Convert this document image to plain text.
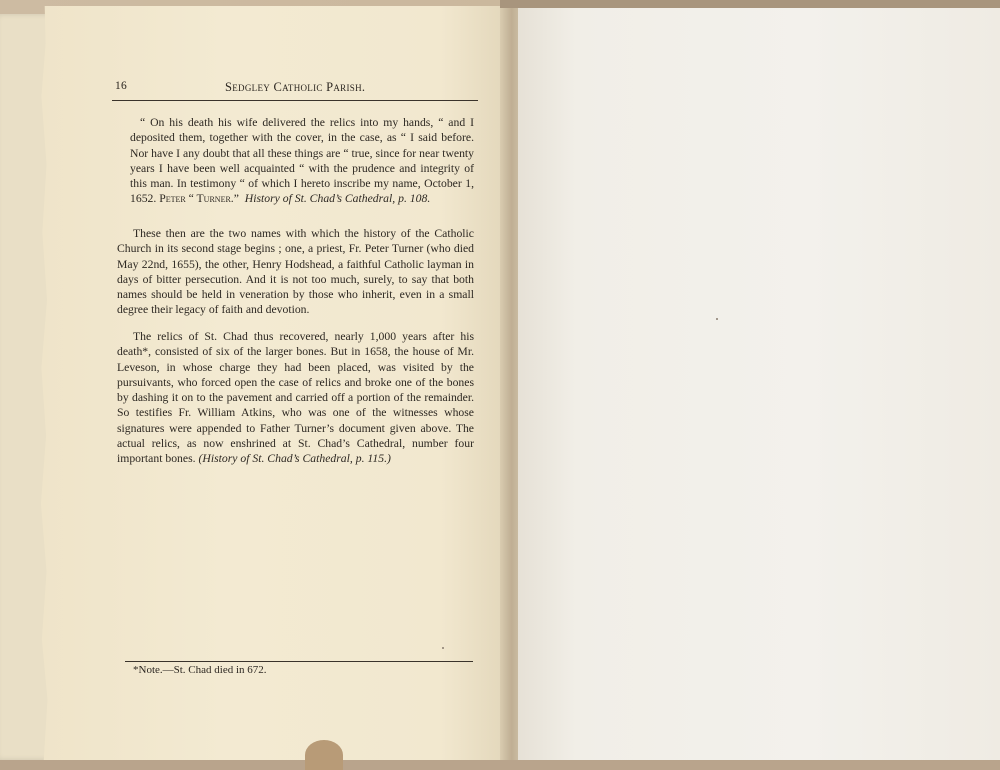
16	Sedgley Catholic Parish.
“ On his death his wife delivered the relics into my hands, “ and I deposited them, together with the cover, in the case, as “ I said before. Nor have I any doubt that all these things are “ true, since for near twenty years I have been well acquainted “ with the prudence and integrity of this man. In testimony “ of which I hereto inscribe my name, October 1, 1652. Peter “ Turner.” History of St. Chad’s Cathedral, p. 108.
These then are the two names with which the history of the Catholic Church in its second stage begins ; one, a priest, Fr. Peter Turner (who died May 22nd, 1655), the other, Henry Hodshead, a faithful Catholic layman in days of bitter persecution. And it is not too much, surely, to say that both names should be held in veneration by those who inherit, even in a small degree their legacy of faith and devotion.
The relics of St. Chad thus recovered, nearly 1,000 years after his death*, consisted of six of the larger bones. But in 1658, the house of Mr. Leveson, in whose charge they had been placed, was visited by the pursuivants, who forced open the case of relics and broke one of the bones by dashing it on to the pavement and carried off a portion of the remainder. So testifies Fr. William Atkins, who was one of the witnesses whose signatures were appended to Father Turner’s document given above. The actual relics, as now enshrined at St. Chad’s Cathedral, number four important bones. (History of St. Chad’s Cathedral, p. 115.)
*Note.—St. Chad died in 672.
